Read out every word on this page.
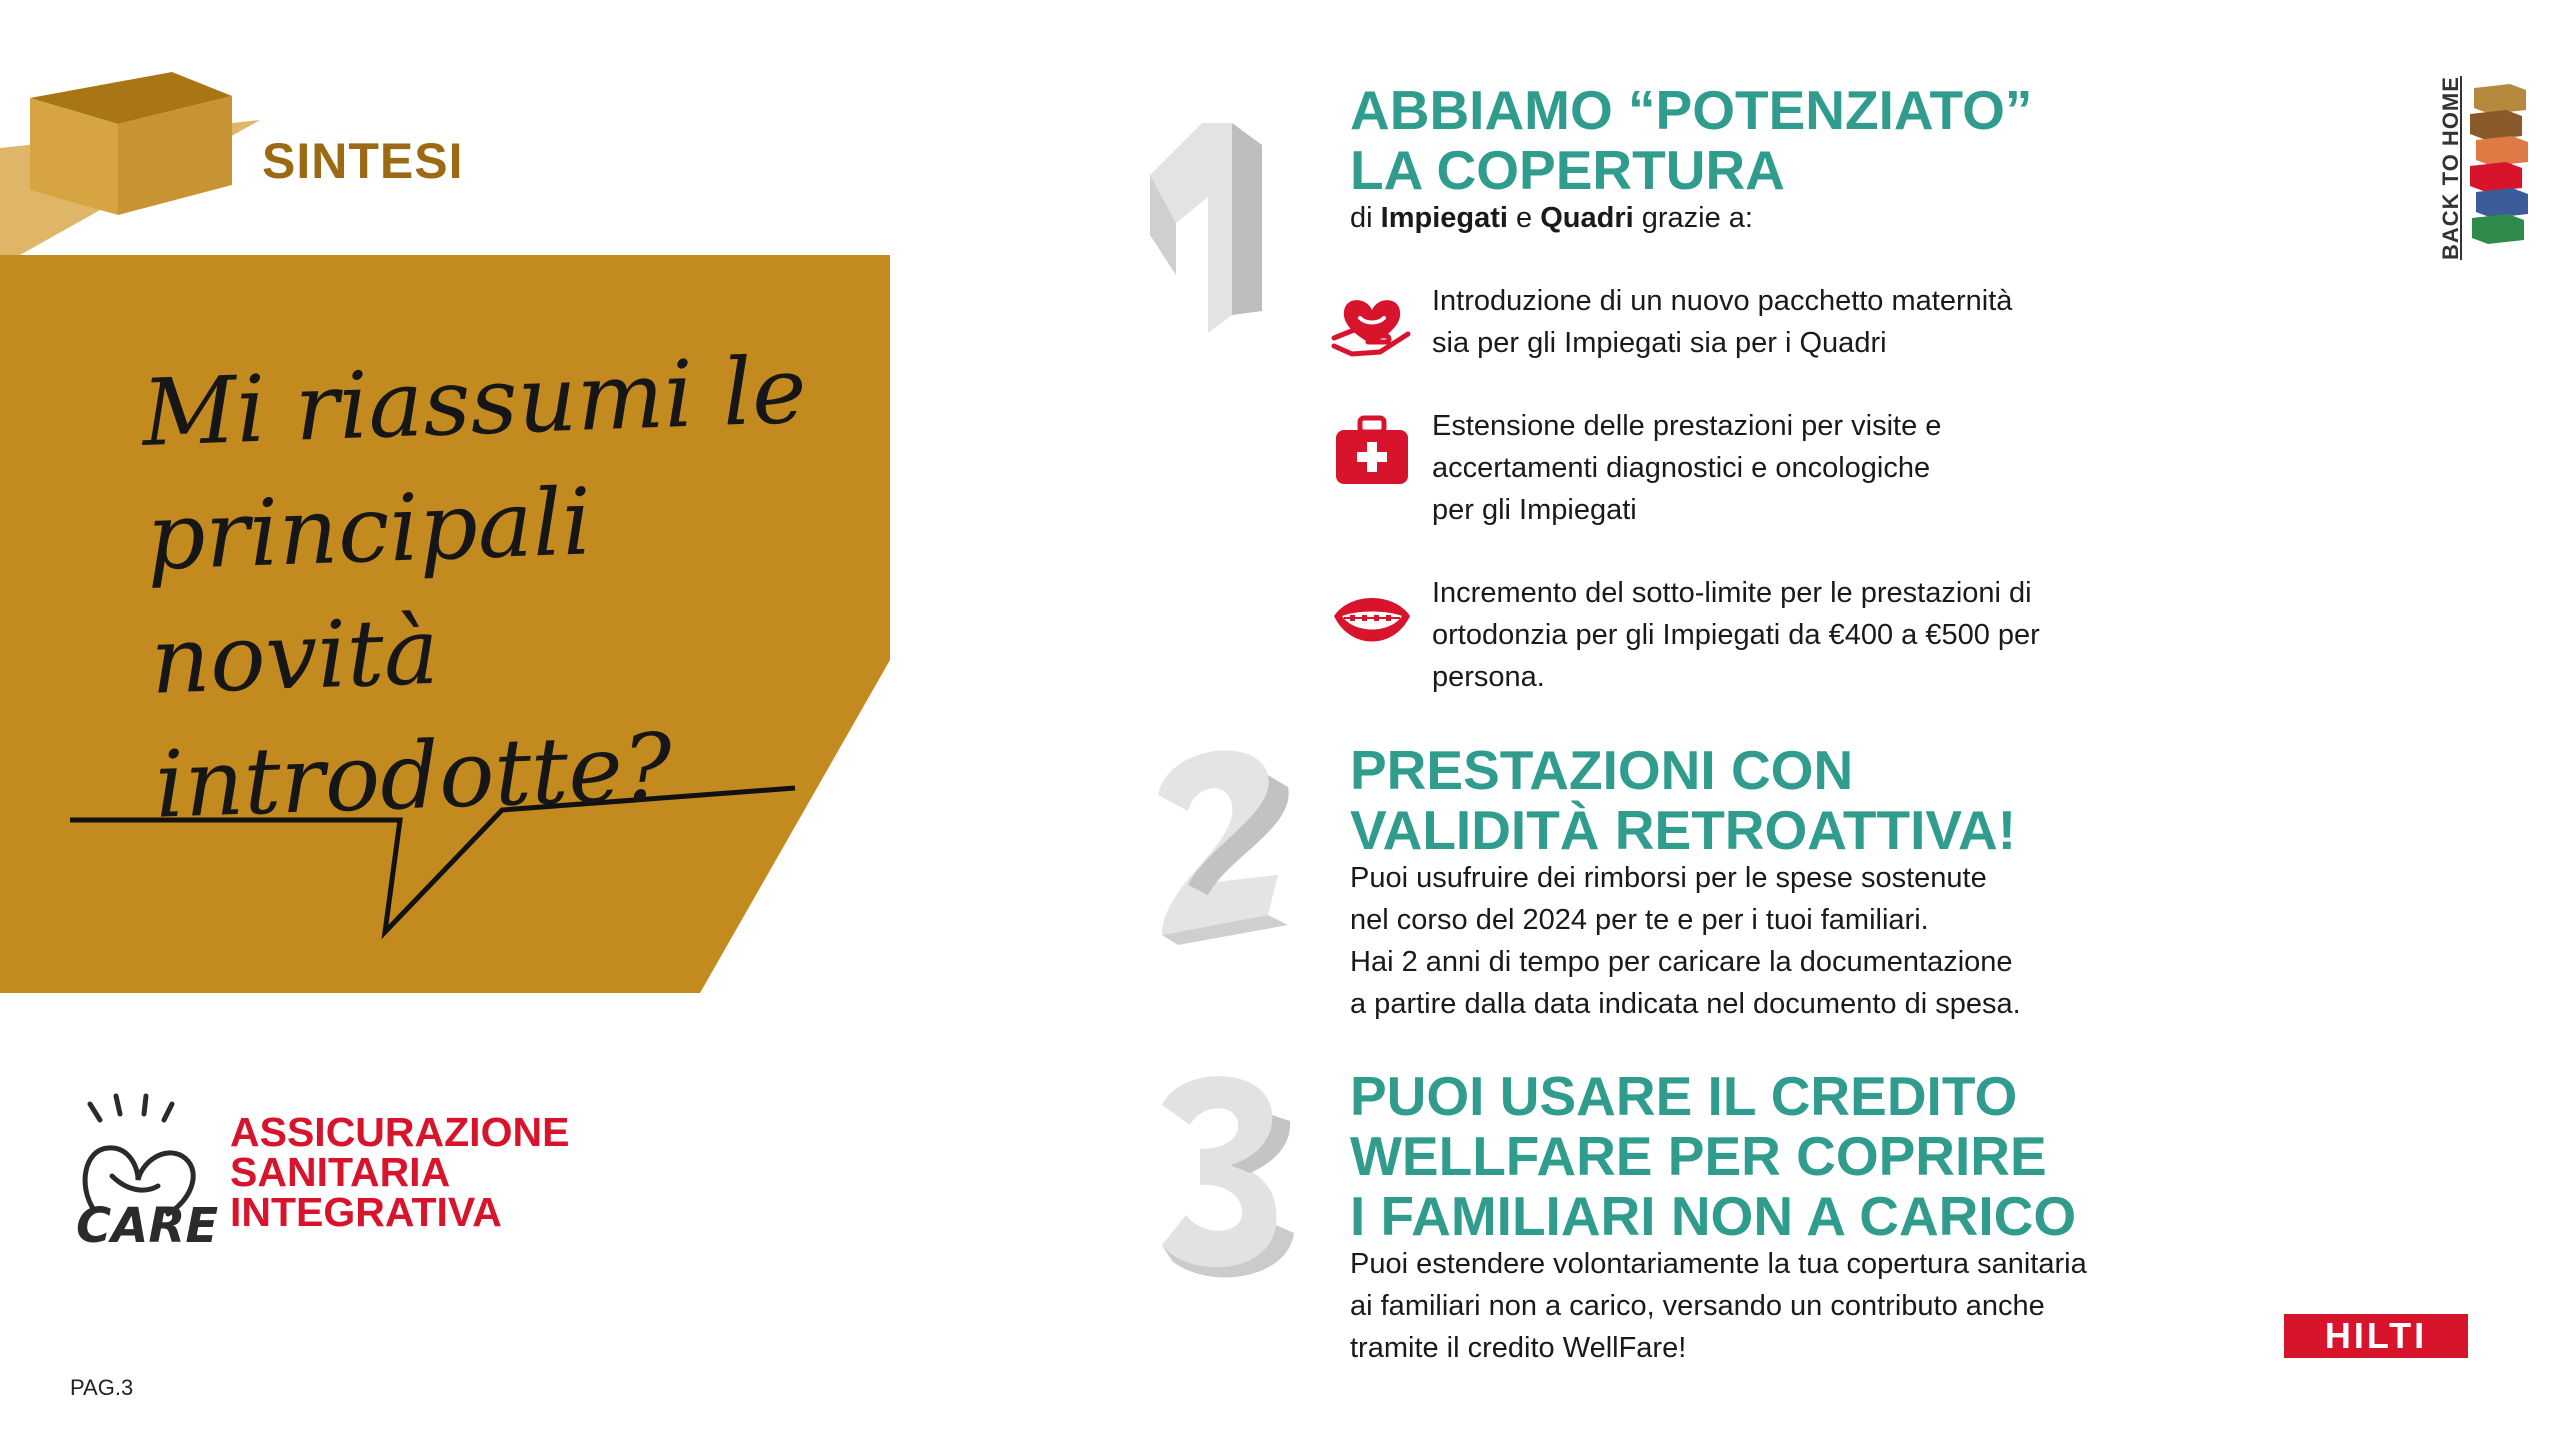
SINTESI
Mi riassumi le
principali novità
introdotte?
CARE
ASSICURAZIONE
SANITARIA
INTEGRATIVA
PAG.3
ABBIAMO “POTENZIATO”
LA COPERTURA
di Impiegati e Quadri grazie a:
Introduzione di un nuovo pacchetto maternità
sia per gli Impiegati sia per i Quadri
Estensione delle prestazioni per visite e
accertamenti diagnostici e oncologiche
per gli Impiegati
Incremento del sotto-limite per le prestazioni di
ortodonzia per gli Impiegati da €400 a €500 per
persona.
PRESTAZIONI CON
VALIDITÀ RETROATTIVA!
Puoi usufruire dei rimborsi per le spese sostenute
nel corso del 2024 per te e per i tuoi familiari.
Hai 2 anni di tempo per caricare la documentazione
a partire dalla data indicata nel documento di spesa.
PUOI USARE IL CREDITO
WELLFARE PER COPRIRE
I FAMILIARI NON A CARICO
Puoi estendere volontariamente la tua copertura sanitaria
ai familiari non a carico, versando un contributo anche
tramite il credito WellFare!
BACK TO HOME
HILTI
